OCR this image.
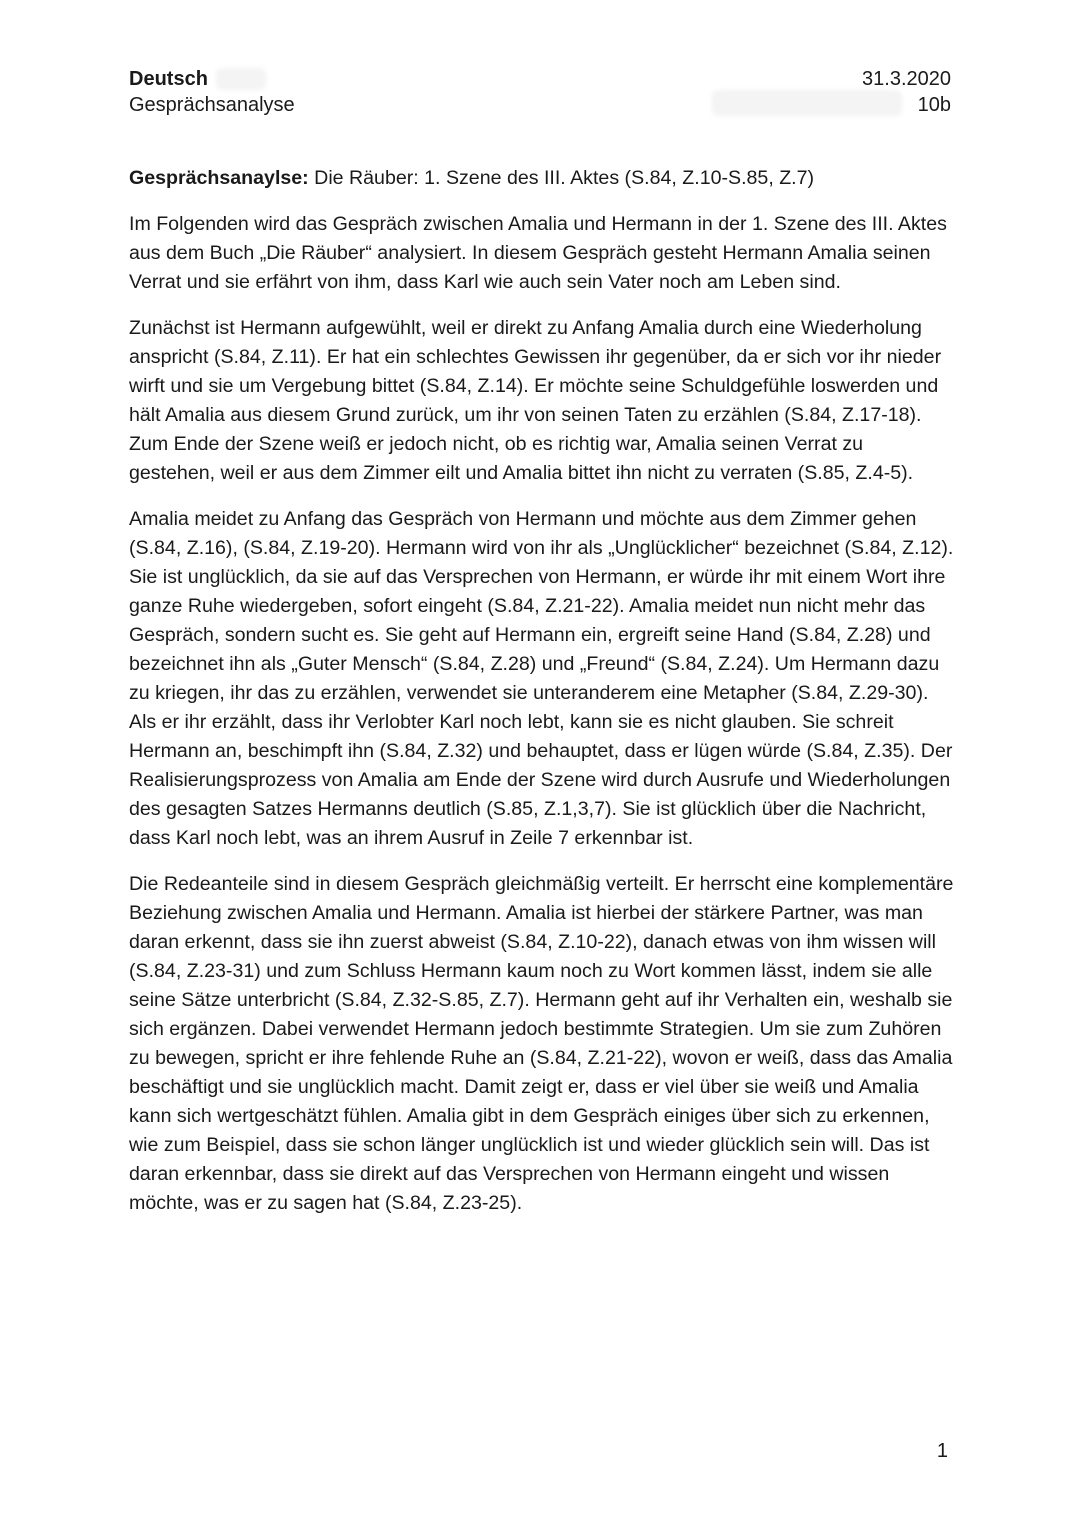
Deutsch
Gesprächsanalyse
31.3.2020
10b

Gesprächsanaylse: Die Räuber: 1. Szene des III. Aktes (S.84, Z.10-S.85, Z.7)

Im Folgenden wird das Gespräch zwischen Amalia und Hermann in der 1. Szene des III. Aktes aus dem Buch „Die Räuber“ analysiert. In diesem Gespräch gesteht Hermann Amalia seinen Verrat und sie erfährt von ihm, dass Karl wie auch sein Vater noch am Leben sind.

Zunächst ist Hermann aufgewühlt, weil er direkt zu Anfang Amalia durch eine Wiederholung anspricht (S.84, Z.11). Er hat ein schlechtes Gewissen ihr gegenüber, da er sich vor ihr nieder wirft und sie um Vergebung bittet (S.84, Z.14). Er möchte seine Schuldgefühle loswerden und hält Amalia aus diesem Grund zurück, um ihr von seinen Taten zu erzählen (S.84, Z.17-18). Zum Ende der Szene weiß er jedoch nicht, ob es richtig war, Amalia seinen Verrat zu gestehen, weil er aus dem Zimmer eilt und Amalia bittet ihn nicht zu verraten (S.85, Z.4-5).

Amalia meidet zu Anfang das Gespräch von Hermann und möchte aus dem Zimmer gehen (S.84, Z.16), (S.84, Z.19-20). Hermann wird von ihr als „Unglücklicher“ bezeichnet (S.84, Z.12). Sie ist unglücklich, da sie auf das Versprechen von Hermann, er würde ihr mit einem Wort ihre ganze Ruhe wiedergeben, sofort eingeht (S.84, Z.21-22). Amalia meidet nun nicht mehr das Gespräch, sondern sucht es. Sie geht auf Hermann ein, ergreift seine Hand (S.84, Z.28) und bezeichnet ihn als „Guter Mensch“ (S.84, Z.28) und „Freund“ (S.84, Z.24). Um Hermann dazu zu kriegen, ihr das zu erzählen, verwendet sie unteranderem eine Metapher (S.84, Z.29-30). Als er ihr erzählt, dass ihr Verlobter Karl noch lebt, kann sie es nicht glauben. Sie schreit Hermann an, beschimpft ihn (S.84, Z.32) und behauptet, dass er lügen würde (S.84, Z.35). Der Realisierungsprozess von Amalia am Ende der Szene wird durch Ausrufe und Wiederholungen des gesagten Satzes Hermanns deutlich (S.85, Z.1,3,7). Sie ist glücklich über die Nachricht, dass Karl noch lebt, was an ihrem Ausruf in Zeile 7 erkennbar ist.

Die Redeanteile sind in diesem Gespräch gleichmäßig verteilt. Er herrscht eine komplementäre Beziehung zwischen Amalia und Hermann. Amalia ist hierbei der stärkere Partner, was man daran erkennt, dass sie ihn zuerst abweist (S.84, Z.10-22), danach etwas von ihm wissen will (S.84, Z.23-31) und zum Schluss Hermann kaum noch zu Wort kommen lässt, indem sie alle seine Sätze unterbricht (S.84, Z.32-S.85, Z.7). Hermann geht auf ihr Verhalten ein, weshalb sie sich ergänzen. Dabei verwendet Hermann jedoch bestimmte Strategien. Um sie zum Zuhören zu bewegen, spricht er ihre fehlende Ruhe an (S.84, Z.21-22), wovon er weiß, dass das Amalia beschäftigt und sie unglücklich macht. Damit zeigt er, dass er viel über sie weiß und Amalia kann sich wertgeschätzt fühlen. Amalia gibt in dem Gespräch einiges über sich zu erkennen, wie zum Beispiel, dass sie schon länger unglücklich ist und wieder glücklich sein will. Das ist daran erkennbar, dass sie direkt auf das Versprechen von Hermann eingeht und wissen möchte, was er zu sagen hat (S.84, Z.23-25).

1
